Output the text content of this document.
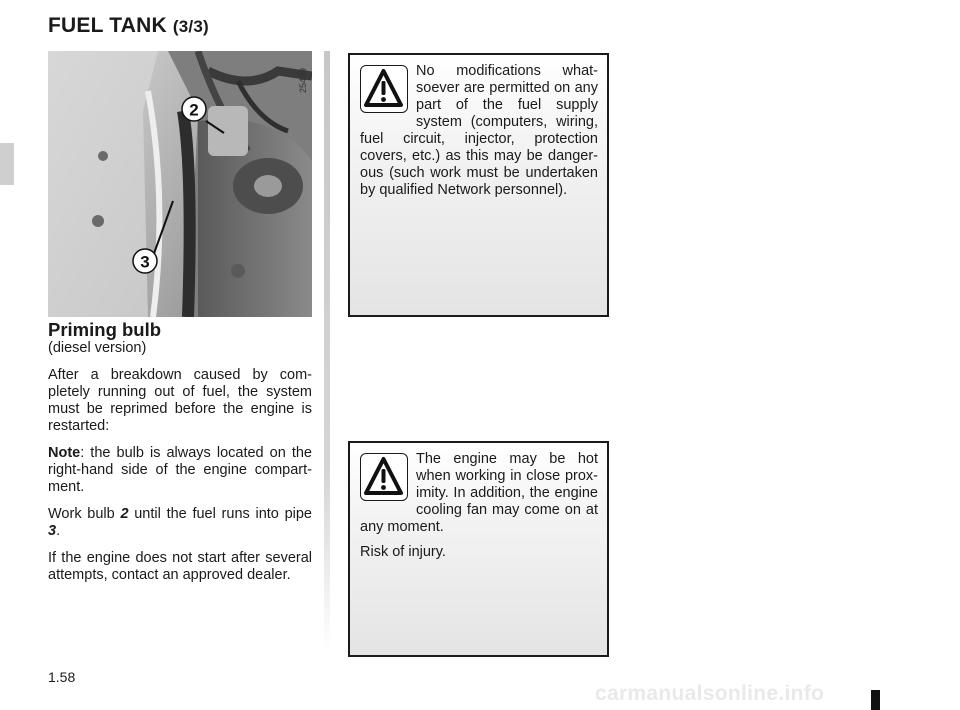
FUEL TANK (3/3)
2
3
25409
Priming bulb
(diesel version)

After a breakdown caused by com-pletely running out of fuel, the system must be reprimed before the engine is restarted:

Note: the bulb is always located on the right-hand side of the engine compart-ment.

Work bulb 2 until the fuel runs into pipe 3.

If the engine does not start after several attempts, contact an approved dealer.

No modifications what-soever are permitted on any part of the fuel supply system (computers, wiring, fuel circuit, injector, protection covers, etc.) as this may be danger-ous (such work must be undertaken by qualified Network personnel).

The engine may be hot when working in close prox-imity. In addition, the engine cooling fan may come on at any moment.

Risk of injury.

1.58
carmanualsonline.info
